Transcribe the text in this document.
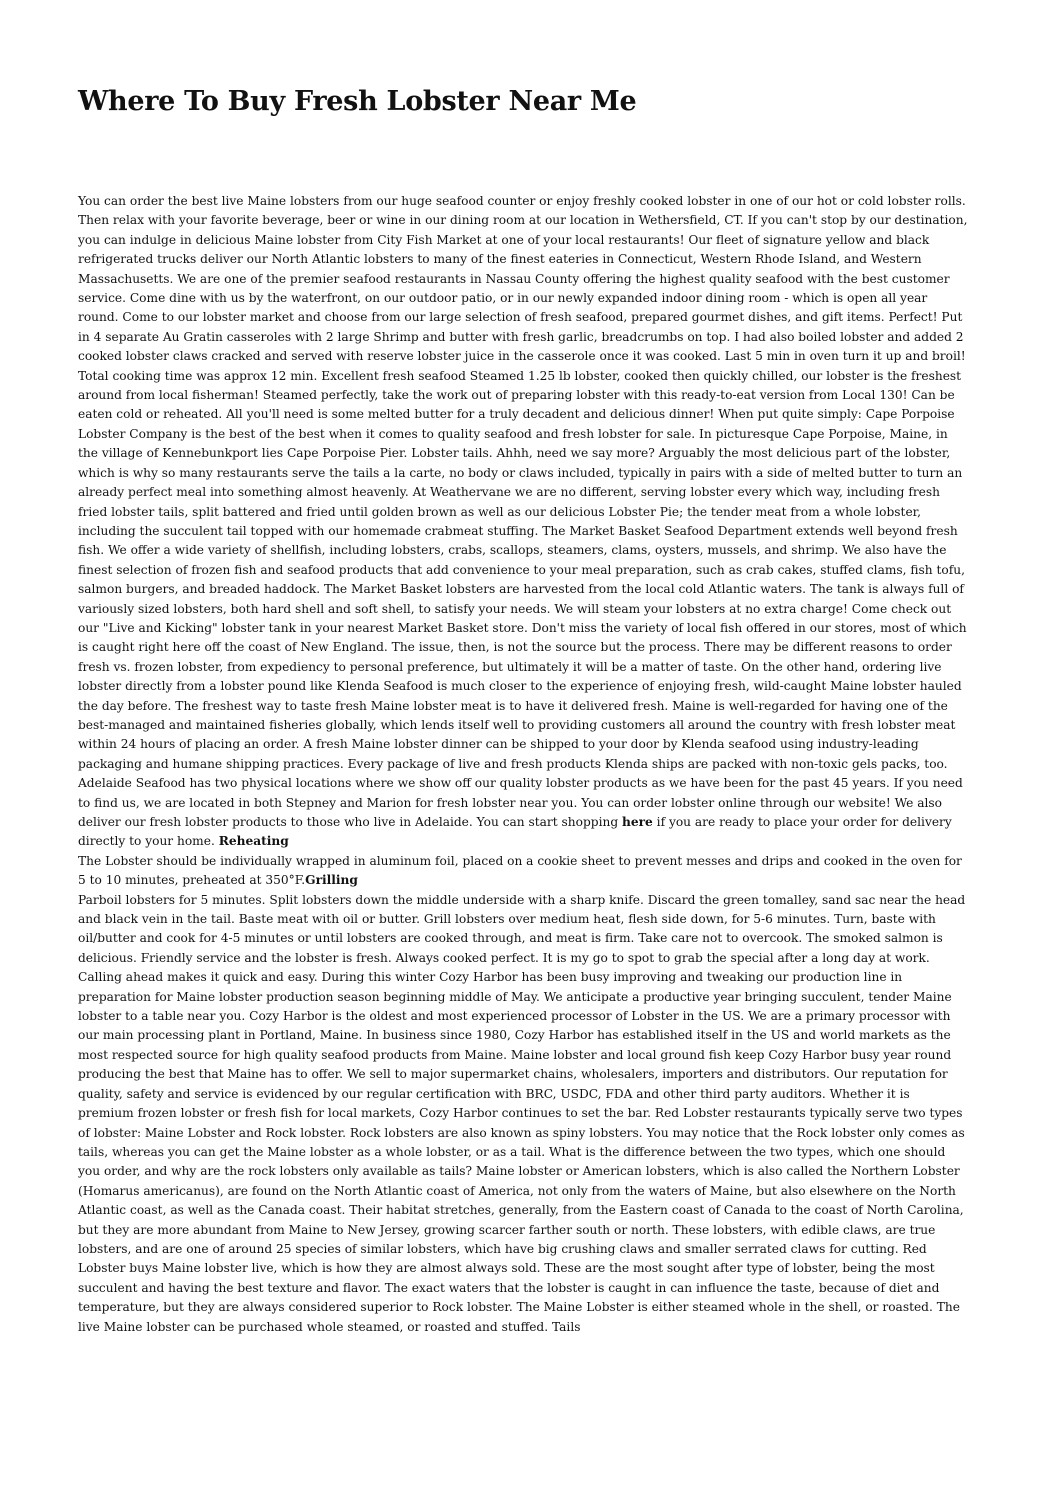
Where To Buy Fresh Lobster Near Me

You can order the best live Maine lobsters from our huge seafood counter or enjoy freshly cooked lobster in one of our hot or cold lobster rolls. Then relax with your favorite beverage, beer or wine in our dining room at our location in Wethersfield, CT. If you can't stop by our destination, you can indulge in delicious Maine lobster from City Fish Market at one of your local restaurants! Our fleet of signature yellow and black refrigerated trucks deliver our North Atlantic lobsters to many of the finest eateries in Connecticut, Western Rhode Island, and Western Massachusetts. We are one of the premier seafood restaurants in Nassau County offering the highest quality seafood with the best customer service. Come dine with us by the waterfront, on our outdoor patio, or in our newly expanded indoor dining room - which is open all year round. Come to our lobster market and choose from our large selection of fresh seafood, prepared gourmet dishes, and gift items. Perfect! Put in 4 separate Au Gratin casseroles with 2 large Shrimp and butter with fresh garlic, breadcrumbs on top. I had also boiled lobster and added 2 cooked lobster claws cracked and served with reserve lobster juice in the casserole once it was cooked. Last 5 min in oven turn it up and broil! Total cooking time was approx 12 min. Excellent fresh seafood Steamed 1.25 lb lobster, cooked then quickly chilled, our lobster is the freshest around from local fisherman! Steamed perfectly, take the work out of preparing lobster with this ready-to-eat version from Local 130! Can be eaten cold or reheated. All you'll need is some melted butter for a truly decadent and delicious dinner! When put quite simply: Cape Porpoise Lobster Company is the best of the best when it comes to quality seafood and fresh lobster for sale. In picturesque Cape Porpoise, Maine, in the village of Kennebunkport lies Cape Porpoise Pier. Lobster tails. Ahhh, need we say more? Arguably the most delicious part of the lobster, which is why so many restaurants serve the tails a la carte, no body or claws included, typically in pairs with a side of melted butter to turn an already perfect meal into something almost heavenly. At Weathervane we are no different, serving lobster every which way, including fresh fried lobster tails, split battered and fried until golden brown as well as our delicious Lobster Pie; the tender meat from a whole lobster, including the succulent tail topped with our homemade crabmeat stuffing. The Market Basket Seafood Department extends well beyond fresh fish. We offer a wide variety of shellfish, including lobsters, crabs, scallops, steamers, clams, oysters, mussels, and shrimp. We also have the finest selection of frozen fish and seafood products that add convenience to your meal preparation, such as crab cakes, stuffed clams, fish tofu, salmon burgers, and breaded haddock. The Market Basket lobsters are harvested from the local cold Atlantic waters. The tank is always full of variously sized lobsters, both hard shell and soft shell, to satisfy your needs. We will steam your lobsters at no extra charge! Come check out our "Live and Kicking" lobster tank in your nearest Market Basket store. Don't miss the variety of local fish offered in our stores, most of which is caught right here off the coast of New England. The issue, then, is not the source but the process. There may be different reasons to order fresh vs. frozen lobster, from expediency to personal preference, but ultimately it will be a matter of taste. On the other hand, ordering live lobster directly from a lobster pound like Klenda Seafood is much closer to the experience of enjoying fresh, wild-caught Maine lobster hauled the day before. The freshest way to taste fresh Maine lobster meat is to have it delivered fresh. Maine is well-regarded for having one of the best-managed and maintained fisheries globally, which lends itself well to providing customers all around the country with fresh lobster meat within 24 hours of placing an order. A fresh Maine lobster dinner can be shipped to your door by Klenda seafood using industry-leading packaging and humane shipping practices. Every package of live and fresh products Klenda ships are packed with non-toxic gels packs, too. Adelaide Seafood has two physical locations where we show off our quality lobster products as we have been for the past 45 years. If you need to find us, we are located in both Stepney and Marion for fresh lobster near you. You can order lobster online through our website! We also deliver our fresh lobster products to those who live in Adelaide. You can start shopping here if you are ready to place your order for delivery directly to your home. Reheating

The Lobster should be individually wrapped in aluminum foil, placed on a cookie sheet to prevent messes and drips and cooked in the oven for 5 to 10 minutes, preheated at 350°F.Grilling

Parboil lobsters for 5 minutes. Split lobsters down the middle underside with a sharp knife. Discard the green tomalley, sand sac near the head and black vein in the tail. Baste meat with oil or butter. Grill lobsters over medium heat, flesh side down, for 5-6 minutes. Turn, baste with oil/butter and cook for 4-5 minutes or until lobsters are cooked through, and meat is firm. Take care not to overcook. The smoked salmon is delicious. Friendly service and the lobster is fresh. Always cooked perfect. It is my go to spot to grab the special after a long day at work. Calling ahead makes it quick and easy. During this winter Cozy Harbor has been busy improving and tweaking our production line in preparation for Maine lobster production season beginning middle of May. We anticipate a productive year bringing succulent, tender Maine lobster to a table near you. Cozy Harbor is the oldest and most experienced processor of Lobster in the US. We are a primary processor with our main processing plant in Portland, Maine. In business since 1980, Cozy Harbor has established itself in the US and world markets as the most respected source for high quality seafood products from Maine. Maine lobster and local ground fish keep Cozy Harbor busy year round producing the best that Maine has to offer. We sell to major supermarket chains, wholesalers, importers and distributors. Our reputation for quality, safety and service is evidenced by our regular certification with BRC, USDC, FDA and other third party auditors. Whether it is premium frozen lobster or fresh fish for local markets, Cozy Harbor continues to set the bar. Red Lobster restaurants typically serve two types of lobster: Maine Lobster and Rock lobster. Rock lobsters are also known as spiny lobsters. You may notice that the Rock lobster only comes as tails, whereas you can get the Maine lobster as a whole lobster, or as a tail. What is the difference between the two types, which one should you order, and why are the rock lobsters only available as tails? Maine lobster or American lobsters, which is also called the Northern Lobster (Homarus americanus), are found on the North Atlantic coast of America, not only from the waters of Maine, but also elsewhere on the North Atlantic coast, as well as the Canada coast. Their habitat stretches, generally, from the Eastern coast of Canada to the coast of North Carolina, but they are more abundant from Maine to New Jersey, growing scarcer farther south or north. These lobsters, with edible claws, are true lobsters, and are one of around 25 species of similar lobsters, which have big crushing claws and smaller serrated claws for cutting. Red Lobster buys Maine lobster live, which is how they are almost always sold. These are the most sought after type of lobster, being the most succulent and having the best texture and flavor. The exact waters that the lobster is caught in can influence the taste, because of diet and temperature, but they are always considered superior to Rock lobster. The Maine Lobster is either steamed whole in the shell, or roasted. The live Maine lobster can be purchased whole steamed, or roasted and stuffed. Tails
